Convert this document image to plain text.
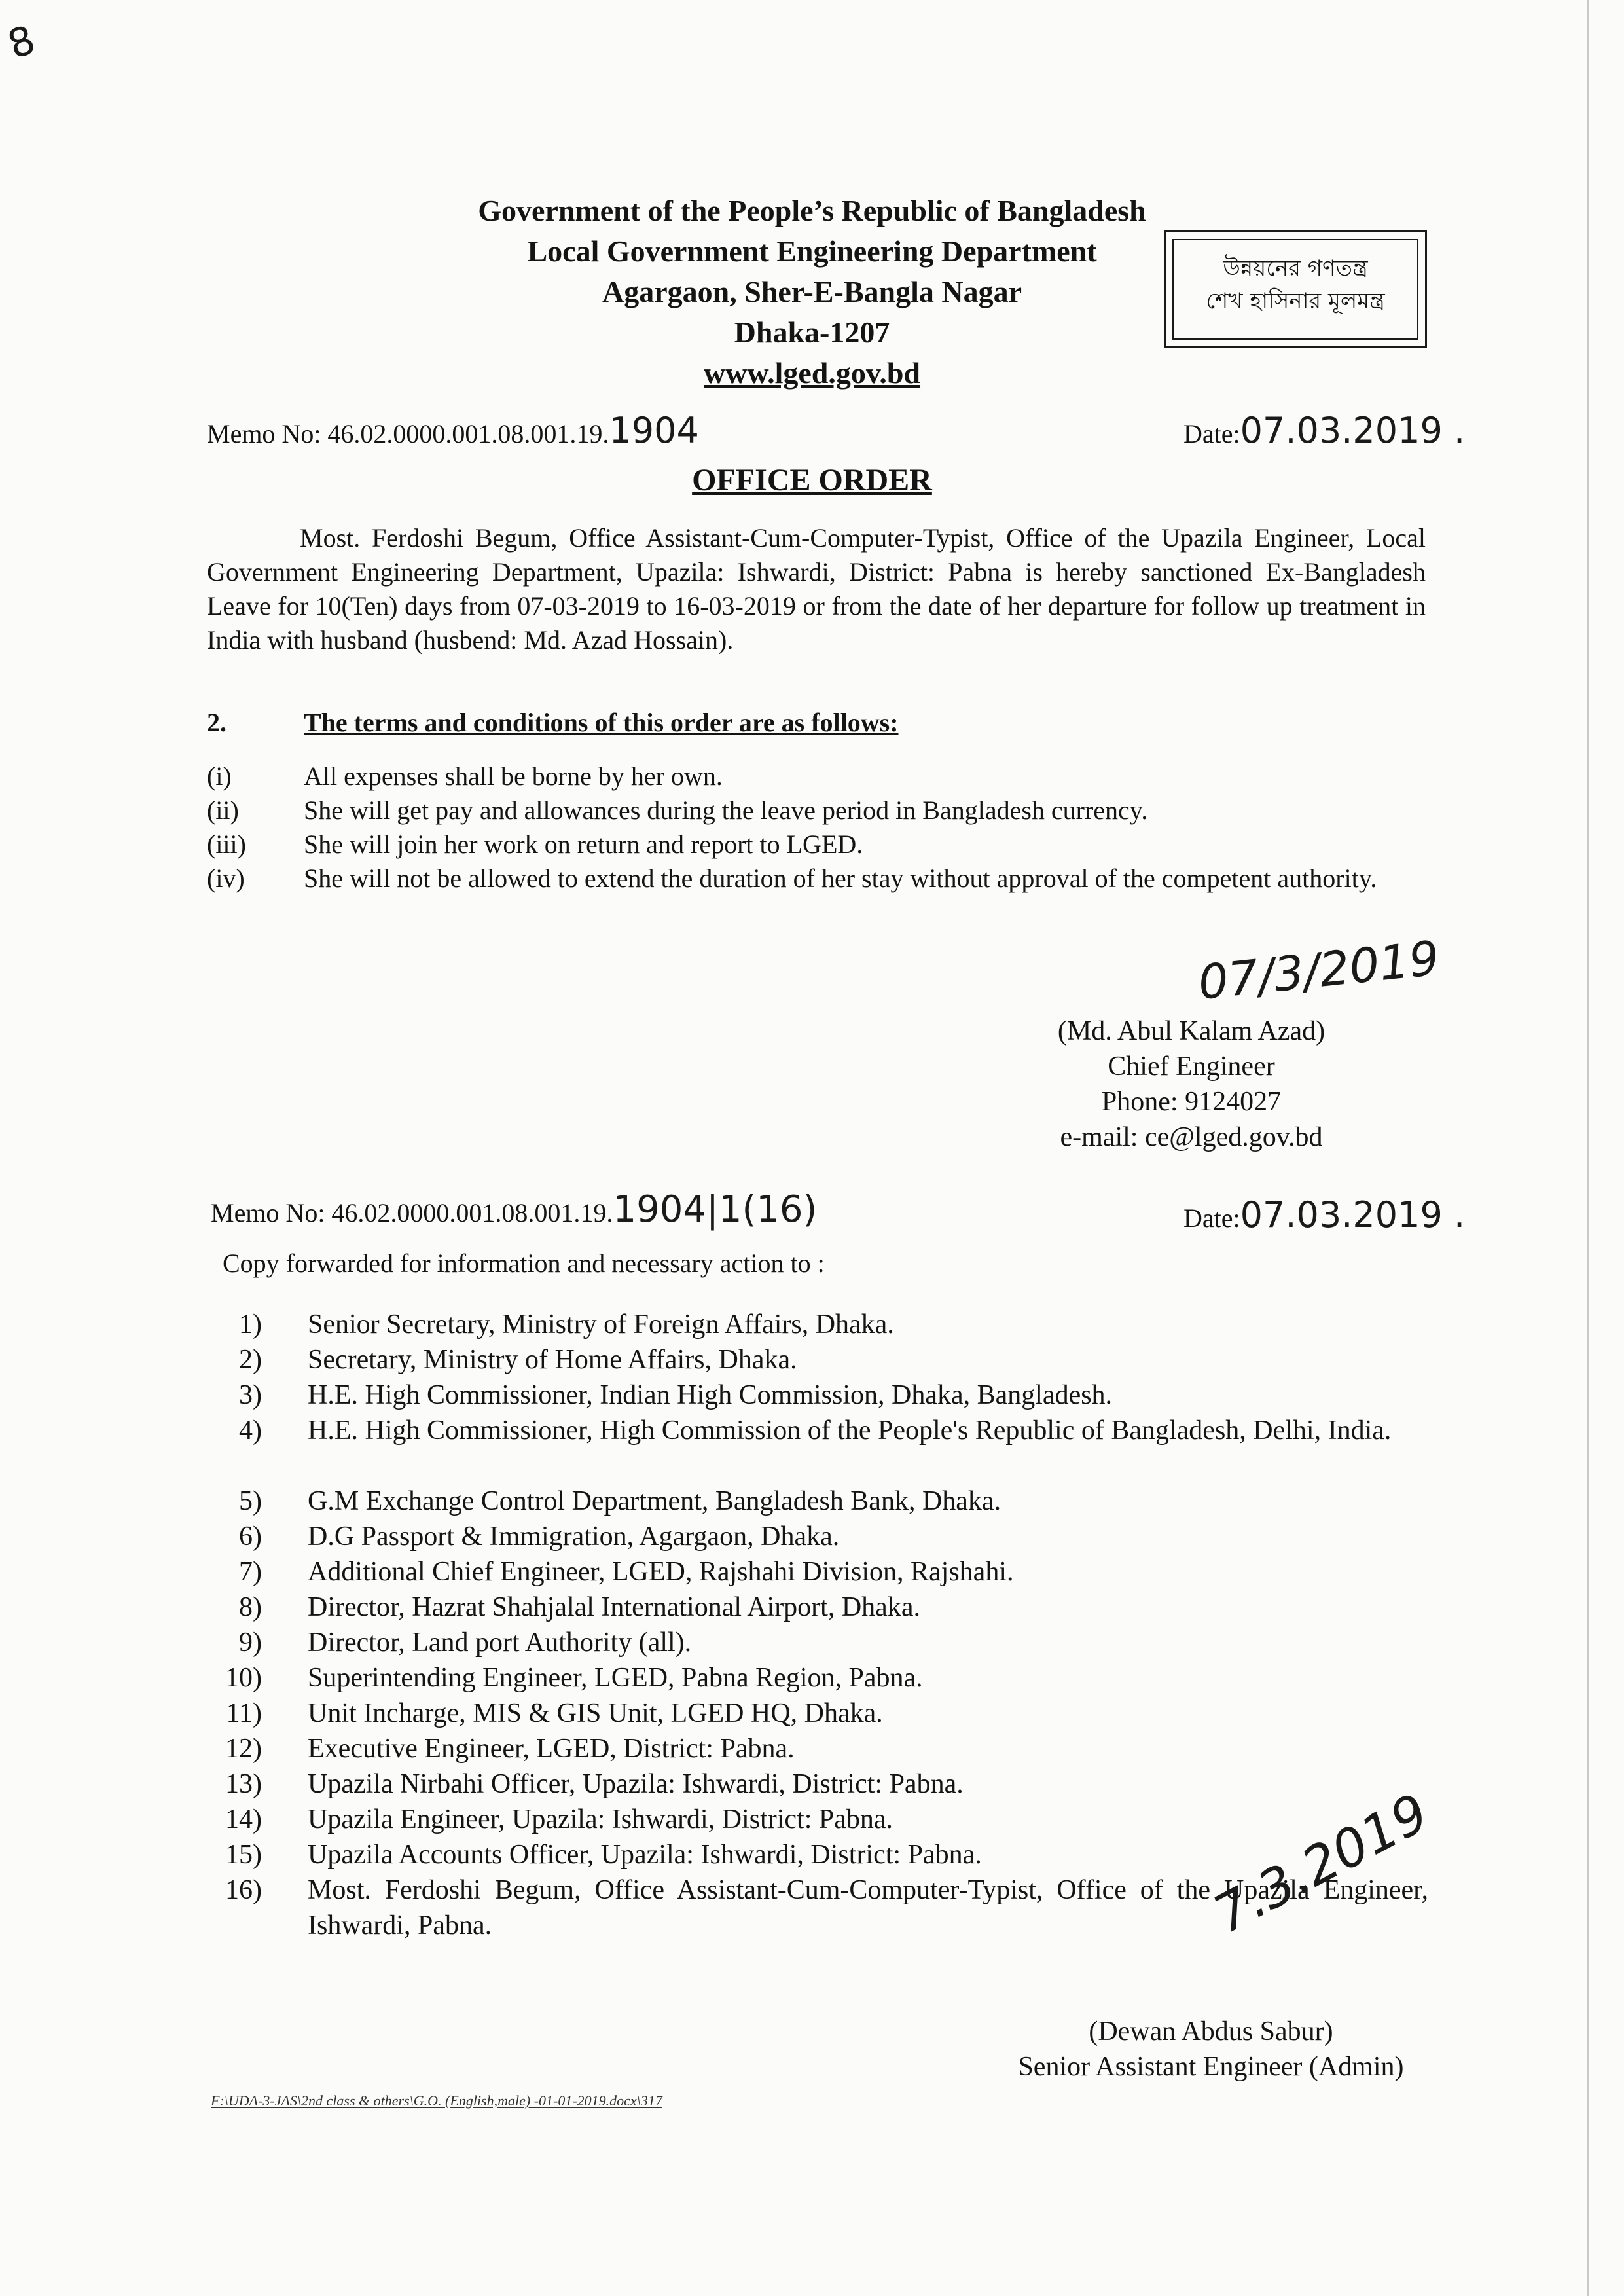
8
Government of the People’s Republic of Bangladesh
Local Government Engineering Department
Agargaon, Sher-E-Bangla Nagar
Dhaka-1207
www.lged.gov.bd
উন্নয়নের গণতন্ত্র
শেখ হাসিনার মূলমন্ত্র
Memo No: 46.02.0000.001.08.001.19.1904	Date:07.03.2019 .
OFFICE ORDER
Most. Ferdoshi Begum, Office Assistant-Cum-Computer-Typist, Office of the Upazila Engineer, Local Government Engineering Department, Upazila: Ishwardi, District: Pabna is hereby sanctioned Ex-Bangladesh Leave for 10(Ten) days from 07-03-2019 to 16-03-2019 or from the date of her departure for follow up treatment in India with husband (husbend: Md. Azad Hossain).
2.	The terms and conditions of this order are as follows:
(i)	All expenses shall be borne by her own.
(ii) She will get pay and allowances during the leave period in Bangladesh currency.
(iii) She will join her work on return and report to LGED.
(iv) She will not be allowed to extend the duration of her stay without approval of the competent authority.
07/3/2019
(Md. Abul Kalam Azad)
Chief Engineer
Phone: 9124027
e-mail: ce@lged.gov.bd
Memo No: 46.02.0000.001.08.001.19.1904|1(16)	Date:07.03.2019 .
Copy forwarded for information and necessary action to :
1) Senior Secretary, Ministry of Foreign Affairs, Dhaka.
2) Secretary, Ministry of Home Affairs, Dhaka.
3) H.E. High Commissioner, Indian High Commission, Dhaka, Bangladesh.
4) H.E. High Commissioner, High Commission of the People's Republic of Bangladesh, Delhi, India.
5) G.M Exchange Control Department, Bangladesh Bank, Dhaka.
6) D.G Passport & Immigration, Agargaon, Dhaka.
7) Additional Chief Engineer, LGED, Rajshahi Division, Rajshahi.
8) Director, Hazrat Shahjalal International Airport, Dhaka.
9) Director, Land port Authority (all).
10) Superintending Engineer, LGED, Pabna Region, Pabna.
11) Unit Incharge, MIS & GIS Unit, LGED HQ, Dhaka.
12) Executive Engineer, LGED, District: Pabna.
13) Upazila Nirbahi Officer, Upazila: Ishwardi, District: Pabna.
14) Upazila Engineer, Upazila: Ishwardi, District: Pabna.
15) Upazila Accounts Officer, Upazila: Ishwardi, District: Pabna.
16) Most. Ferdoshi Begum, Office Assistant-Cum-Computer-Typist, Office of the Upazila Engineer, Ishwardi, Pabna.	7.3.2019
(Dewan Abdus Sabur)
Senior Assistant Engineer (Admin)
F:\UDA-3-JAS\2nd class & others\G.O. (English,male) -01-01-2019.docx\317
